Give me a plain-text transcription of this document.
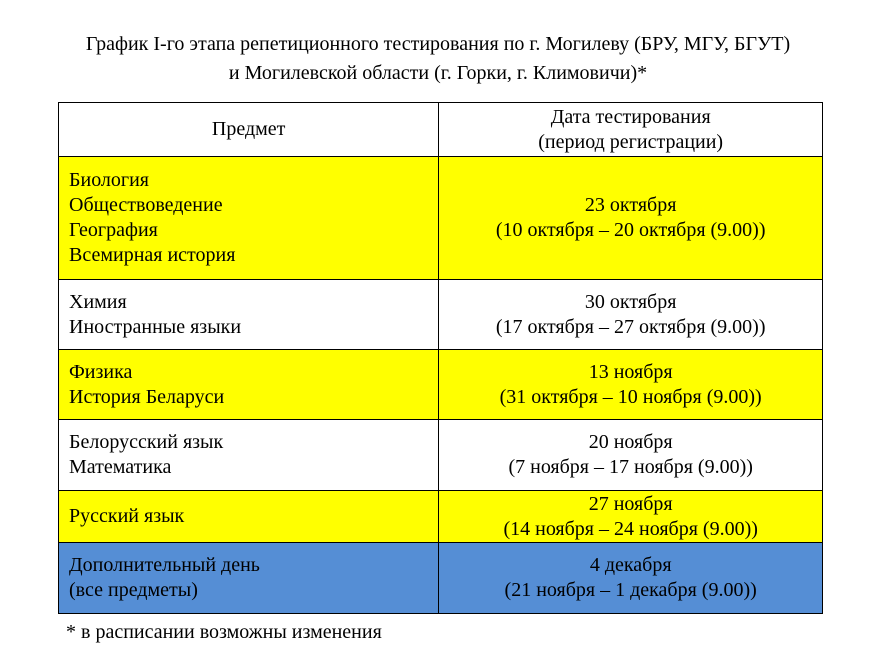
График I-го этапа репетиционного тестирования по г. Могилеву (БРУ, МГУ, БГУТ)
и Могилевской области (г. Горки, г. Климовичи)*
Предмет	Дата тестирования
(период регистрации)

Биология
Обществоведение
География
Всемирная история	23 октября
(10 октября – 20 октября (9.00))

Химия
Иностранные языки	30 октября
(17 октября – 27 октября (9.00))

Физика
История Беларуси	13 ноября
(31 октября – 10 ноября (9.00))

Белорусский язык
Математика	20 ноября
(7 ноября – 17 ноября (9.00))

Русский язык	27 ноября
(14 ноября – 24 ноября (9.00))

Дополнительный день
(все предметы)	4 декабря
(21 ноября – 1 декабря (9.00))
* в расписании возможны изменения
